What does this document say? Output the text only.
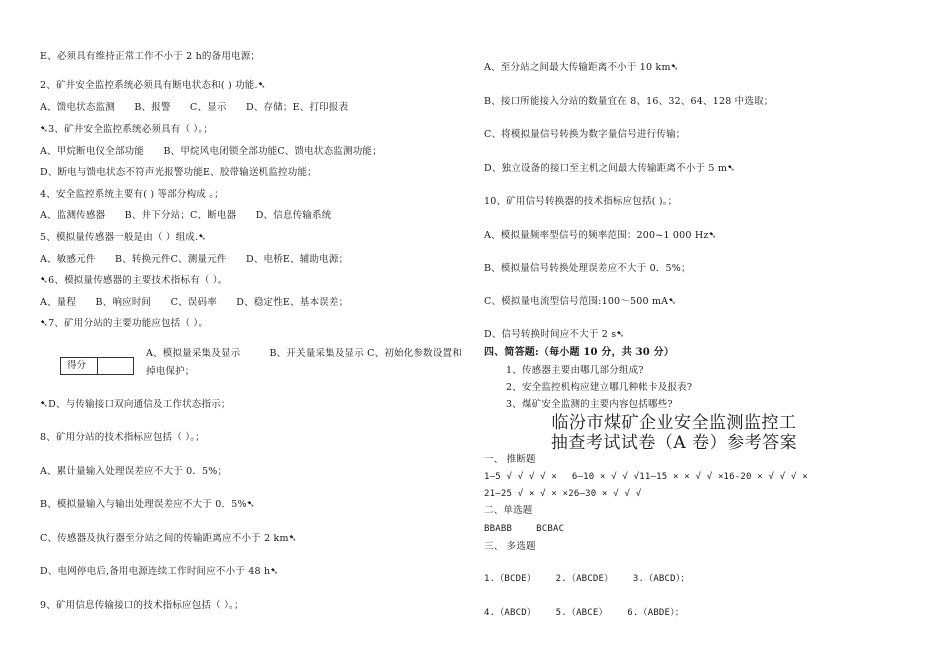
E、必须具有维持正常工作不小于 2 h的备用电源；
2、矿井安全监控系统必须具有断电状态和( ) 功能.➷
A、馈电状态监测　　B、报警　　C、显示　　D、存储；E、打印报表
➷3、矿井安全监控系统必须具有（ ）。；
A、甲烷断电仪全部功能　　B、甲烷风电闭锁全部功能C、馈电状态监测功能；
D、断电与馈电状态不符声光报警功能E、胶带输送机监控功能；
4、安全监控系统主要有( ) 等部分构成 。；
A、监测传感器　　B、井下分站；C、断电器　　D、信息传输系统
5、模拟量传感器一般是由（ ）组成.➷
A、敏感元件　　B、转换元件C、测量元件　　D、电桥E、辅助电源；
➷6、模拟量传感器的主要技术指标有（ ）。
A、量程　　B、响应时间　　C、误码率　　D、稳定性E、基本误差；
➷7、矿用分站的主要功能应包括（ ）。
得分
A、模拟量采集及显示　　　B、开关量采集及显示 C、初始化参数设置和
掉电保护；
➷D、与传输接口双向通信及工作状态指示；
8、矿用分站的技术指标应包括（ ）。；
A、累计量输入处理误差应不大于 0．5%；
B、模拟量输入与输出处理误差应不大于 0．5%➷
C、传感器及执行器至分站之间的传输距离应不小于 2 km➷
D、电网停电后,备用电源连续工作时间应不小于 48 h➷
9、矿用信息传输接口的技术指标应包括（ ）。；
A、至分站之间最大传输距离不小于 10 km➷
B、接口所能接入分站的数量宜在 8、16、32、64、128 中选取；
C、将模拟量信号转换为数字量信号进行传输；
D、独立设备的接口至主机之间最大传输距离不小于 5 m➷
10、矿用信号转换器的技术指标应包括( )。；
A、模拟量频率型信号的频率范围：200~1 000 Hz➷
B、模拟量信号转换处理误差应不大于 0．5%；
C、模拟量电流型信号范围:100～500 mA➷
D、信号转换时间应不大于 2 s➷
四、简答题:（每小题 10 分，共 30 分）
1、传感器主要由哪几部分组成?
2、安全监控机构应建立哪几种帐卡及报表?
3、煤矿安全监测的主要内容包括哪些?
临汾市煤矿企业安全监测监控工
抽查考试试卷（A 卷）参考答案
一、 推断题
1—5 √ √ √ √ ×　 6—10 × √ √ √11—15 × × √ √ ×16-20 × √ √ √ ×
21—25 √ × √ × ×26—30 × √ √ √
二、单选题
BBABB　　 BCBAC
三、 多选题
1.（BCDE）　　 2.（ABCDE）　　 3.（ABCD）；
4.（ABCD）　　 5.（ABCE）　　 6.（ABDE）；
